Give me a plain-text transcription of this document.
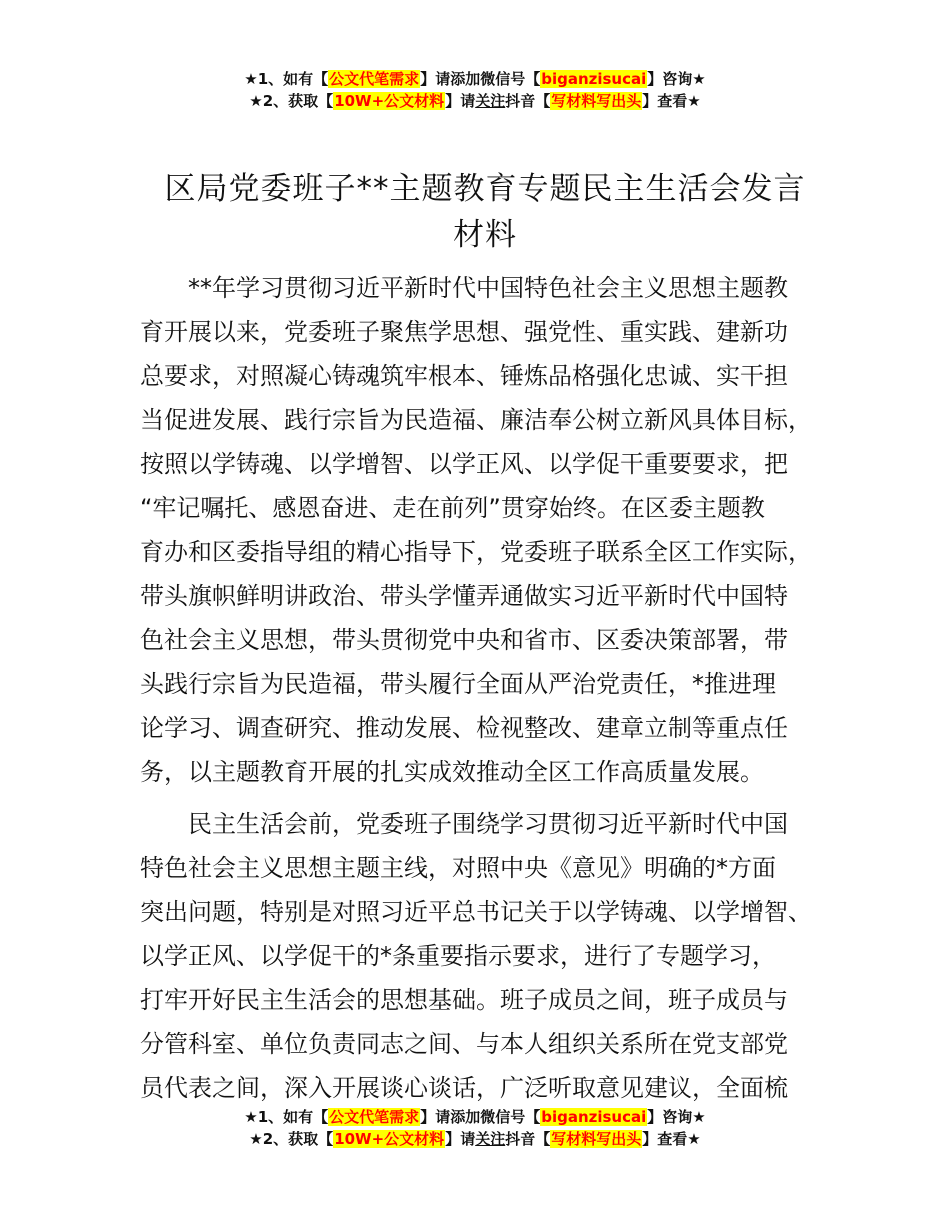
★1、如有【公文代笔需求】请添加微信号【biganzisucai】咨询★
★2、获取【10W+公文材料】请关注抖音【写材料写出头】查看★
区局党委班子**主题教育专题民主生活会发言
材料

**年学习贯彻习近平新时代中国特色社会主义思想主题教
育开展以来，党委班子聚焦学思想、强党性、重实践、建新功
总要求，对照凝心铸魂筑牢根本、锤炼品格强化忠诚、实干担
当促进发展、践行宗旨为民造福、廉洁奉公树立新风具体目标，
按照以学铸魂、以学增智、以学正风、以学促干重要要求，把
“牢记嘱托、感恩奋进、走在前列”贯穿始终。在区委主题教
育办和区委指导组的精心指导下，党委班子联系全区工作实际，
带头旗帜鲜明讲政治、带头学懂弄通做实习近平新时代中国特
色社会主义思想，带头贯彻党中央和省市、区委决策部署，带
头践行宗旨为民造福，带头履行全面从严治党责任，*推进理
论学习、调查研究、推动发展、检视整改、建章立制等重点任
务，以主题教育开展的扎实成效推动全区工作高质量发展。

民主生活会前，党委班子围绕学习贯彻习近平新时代中国
特色社会主义思想主题主线，对照中央《意见》明确的*方面
突出问题，特别是对照习近平总书记关于以学铸魂、以学增智、
以学正风、以学促干的*条重要指示要求，进行了专题学习，
打牢开好民主生活会的思想基础。班子成员之间，班子成员与
分管科室、单位负责同志之间、与本人组织关系所在党支部党
员代表之间，深入开展谈心谈话，广泛听取意见建议，全面梳

★1、如有【公文代笔需求】请添加微信号【biganzisucai】咨询★
★2、获取【10W+公文材料】请关注抖音【写材料写出头】查看★
